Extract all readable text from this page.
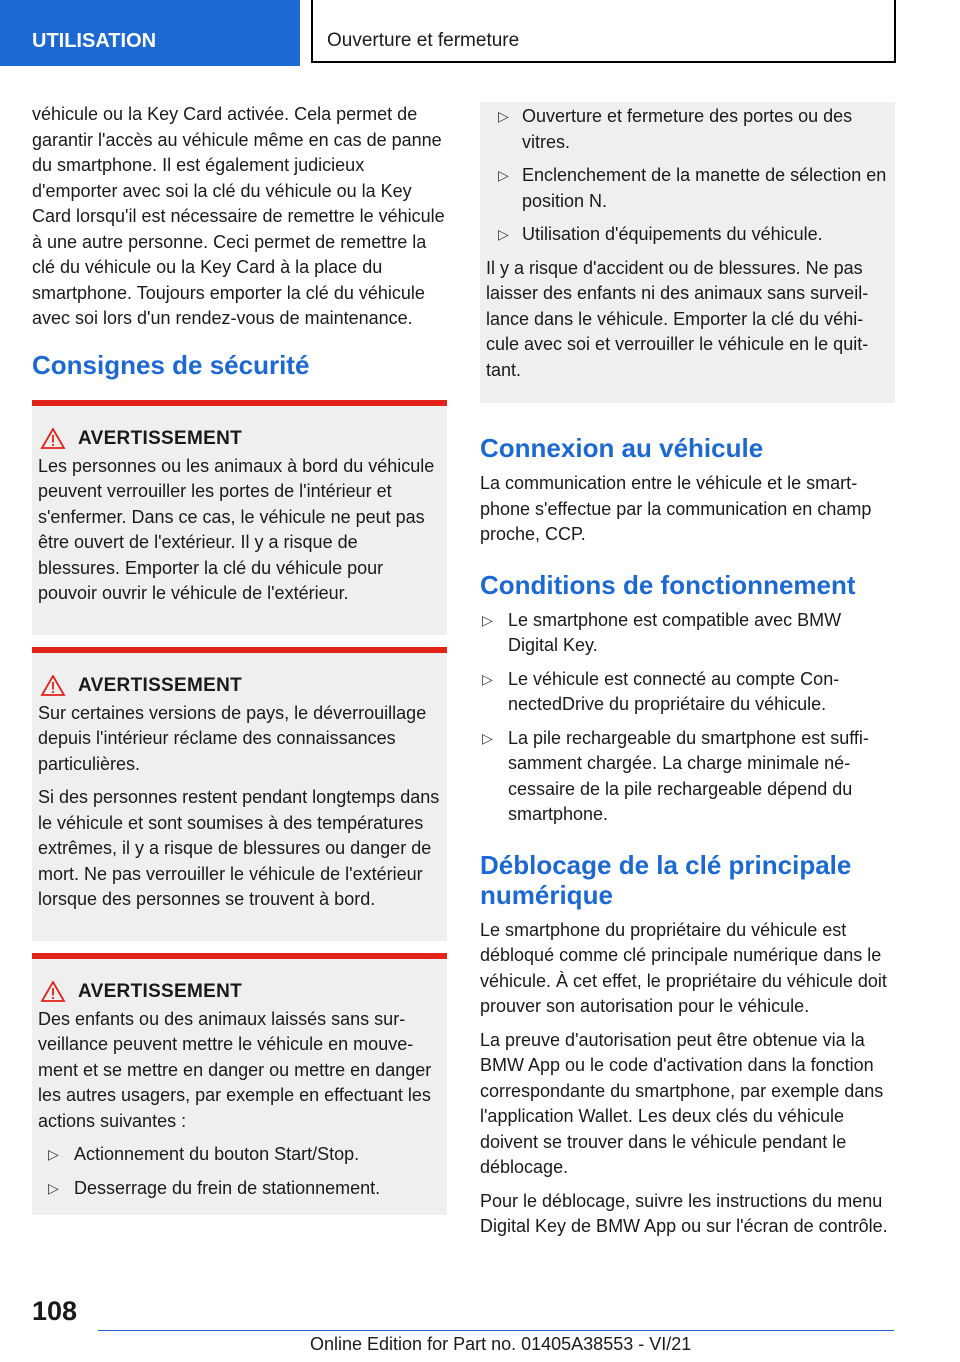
UTILISATION	Ouverture et fermeture

véhicule ou la Key Card activée. Cela permet de garantir l'accès au véhicule même en cas de panne du smartphone. Il est également judicieux d'emporter avec soi la clé du véhicule ou la Key Card lorsqu'il est nécessaire de remettre le véhicule à une autre personne. Ceci permet de remettre la clé du véhicule ou la Key Card à la place du smartphone. Toujours emporter la clé du véhicule avec soi lors d'un rendez-vous de maintenance.

Consignes de sécurité
AVERTISSEMENT

Les personnes ou les animaux à bord du véhicule peuvent verrouiller les portes de l'intérieur et s'enfermer. Dans ce cas, le véhicule ne peut pas être ouvert de l'extérieur. Il y a risque de blessures. Emporter la clé du véhicule pour pouvoir ouvrir le véhicule de l'extérieur.

AVERTISSEMENT

Sur certaines versions de pays, le déverrouillage depuis l'intérieur réclame des connaissances particulières.

Si des personnes restent pendant longtemps dans le véhicule et sont soumises à des températures extrêmes, il y a risque de blessures ou danger de mort. Ne pas verrouiller le véhicule de l'extérieur lorsque des personnes se trouvent à bord.

AVERTISSEMENT

Des enfants ou des animaux laissés sans surveillance peuvent mettre le véhicule en mouvement et se mettre en danger ou mettre en danger les autres usagers, par exemple en effectuant les actions suivantes :

▷ Actionnement du bouton Start/Stop.
▷ Desserrage du frein de stationnement.
▷ Ouverture et fermeture des portes ou des vitres.
▷ Enclenchement de la manette de sélection en position N.
▷ Utilisation d'équipements du véhicule.

Il y a risque d'accident ou de blessures. Ne pas laisser des enfants ni des animaux sans surveillance dans le véhicule. Emporter la clé du véhicule avec soi et verrouiller le véhicule en le quittant.

Connexion au véhicule

La communication entre le véhicule et le smartphone s'effectue par la communication en champ proche, CCP.

Conditions de fonctionnement
▷ Le smartphone est compatible avec BMW Digital Key.
▷ Le véhicule est connecté au compte ConnectedDrive du propriétaire du véhicule.
▷ La pile rechargeable du smartphone est suffisamment chargée. La charge minimale nécessaire de la pile rechargeable dépend du smartphone.
Déblocage de la clé principale numérique

Le smartphone du propriétaire du véhicule est débloqué comme clé principale numérique dans le véhicule. À cet effet, le propriétaire du véhicule doit prouver son autorisation pour le véhicule.

La preuve d'autorisation peut être obtenue via la BMW App ou le code d'activation dans la fonction correspondante du smartphone, par exemple dans l'application Wallet. Les deux clés du véhicule doivent se trouver dans le véhicule pendant le déblocage.

Pour le déblocage, suivre les instructions du menu Digital Key de BMW App ou sur l'écran de contrôle.

108
Online Edition for Part no. 01405A38553 - VI/21
